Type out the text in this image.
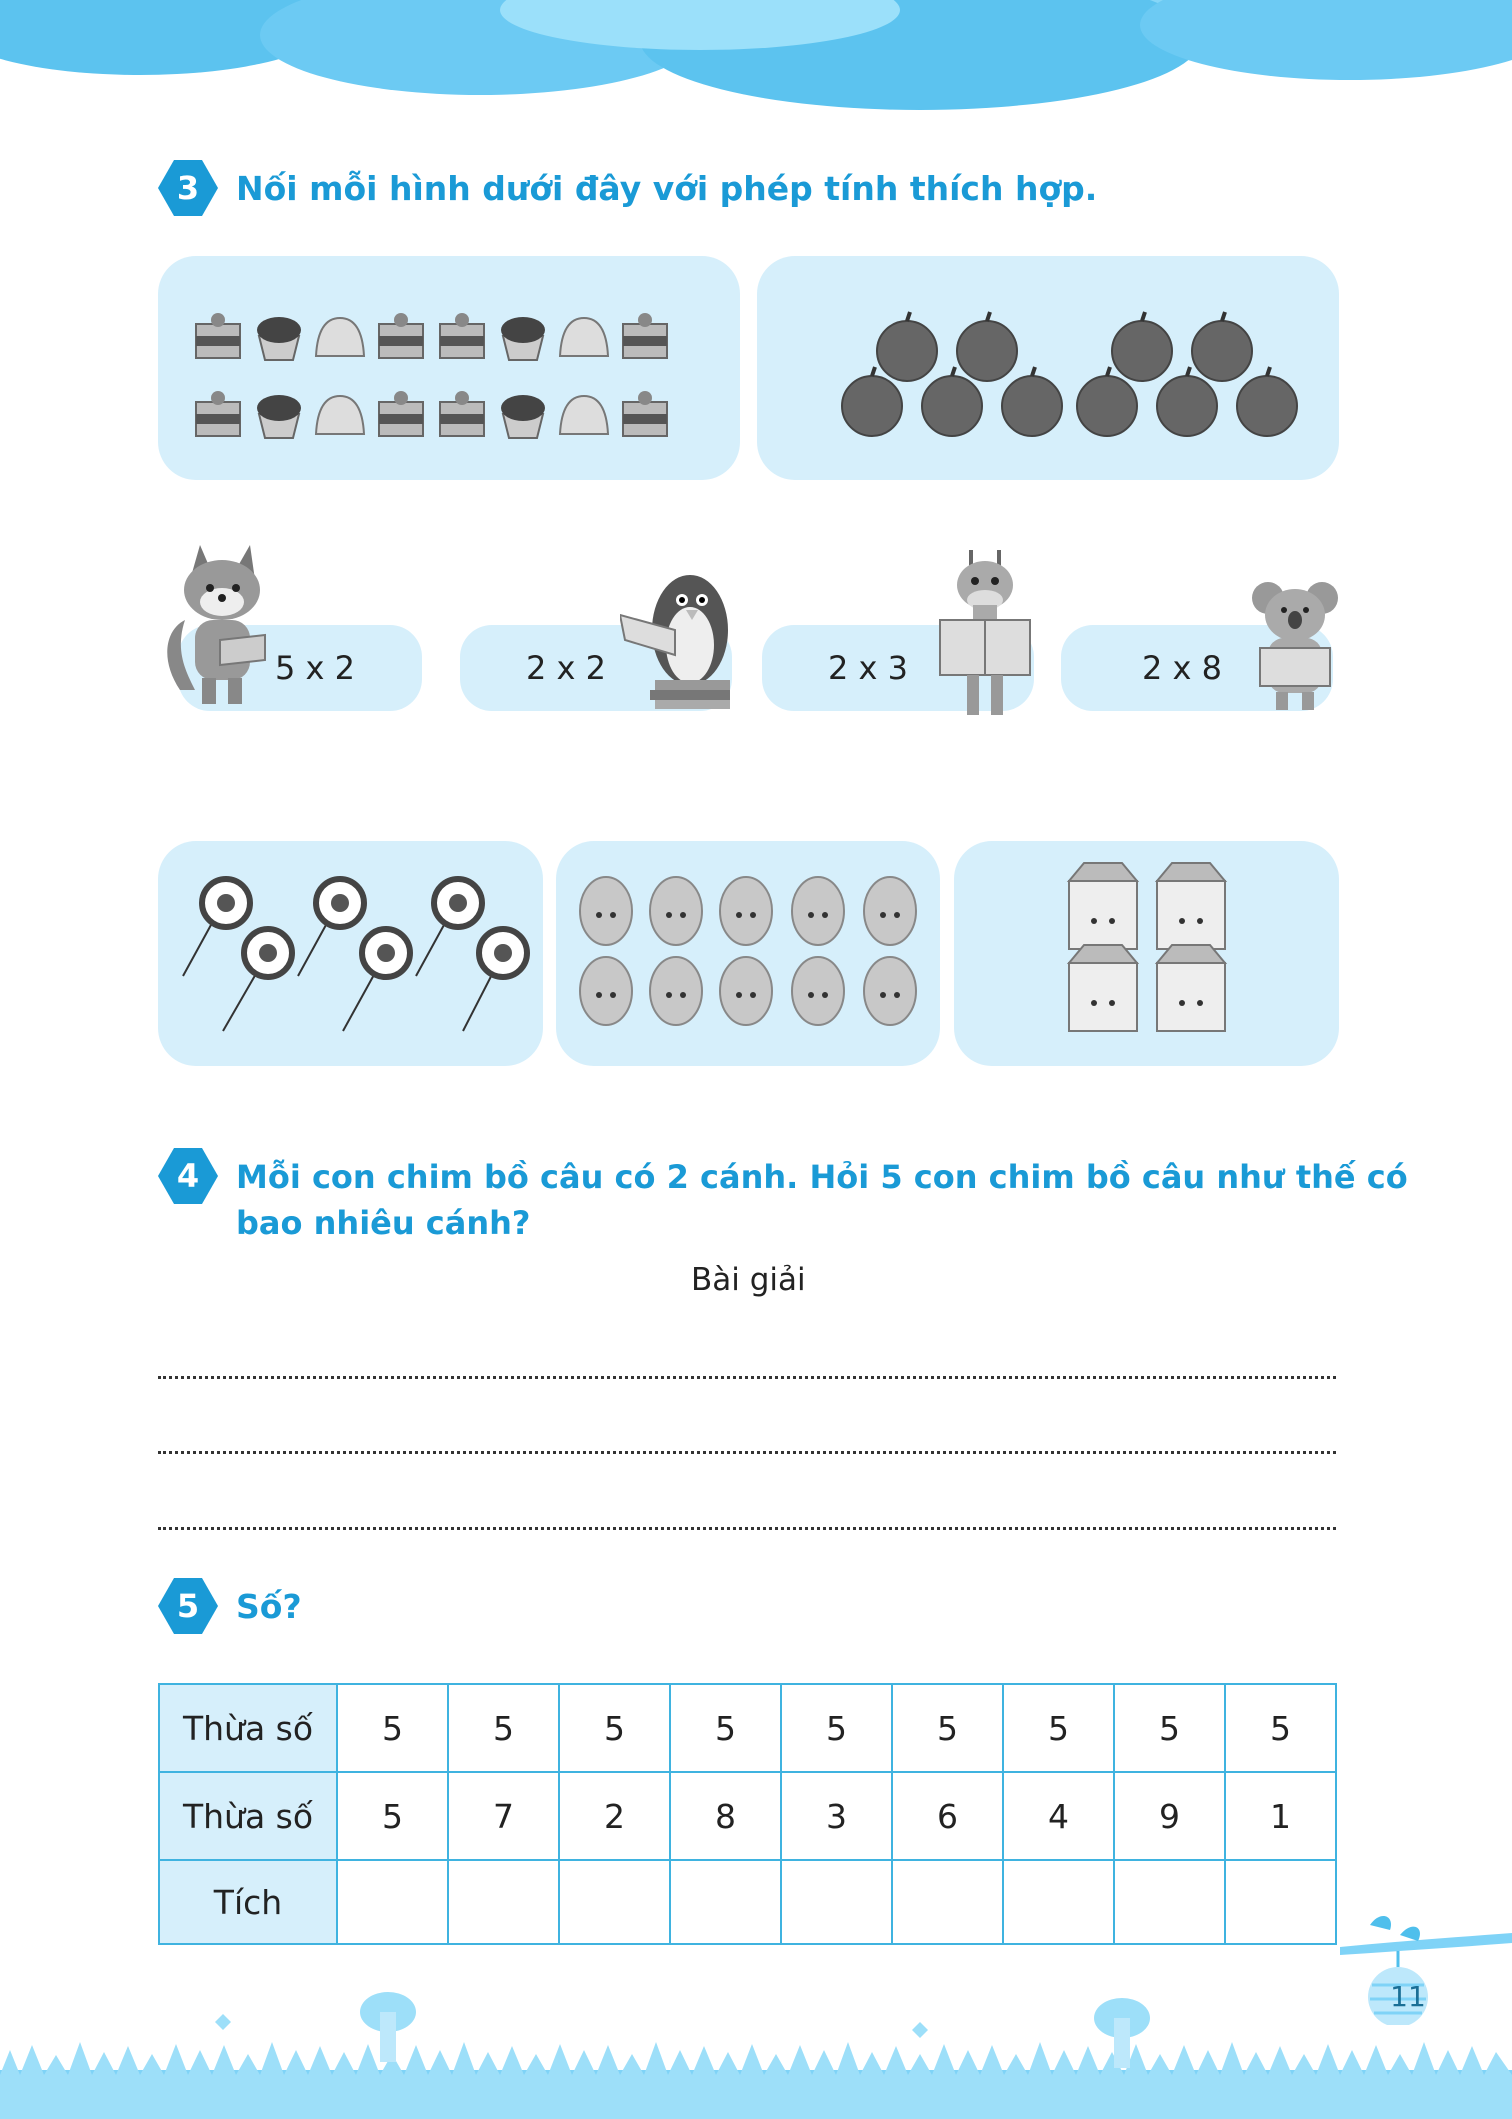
3 Nối mỗi hình dưới đây với phép tính thích hợp.
5 x 2	2 x 2	2 x 3	2 x 8
4 Mỗi con chim bồ câu có 2 cánh. Hỏi 5 con chim bồ câu như thế có
bao nhiêu cánh?
Bài giải
5 Số?
Thừa số	5	5	5	5	5	5	5	5	5
Thừa số	5	7	2	8	3	6	4	9	1
Tích									
11
